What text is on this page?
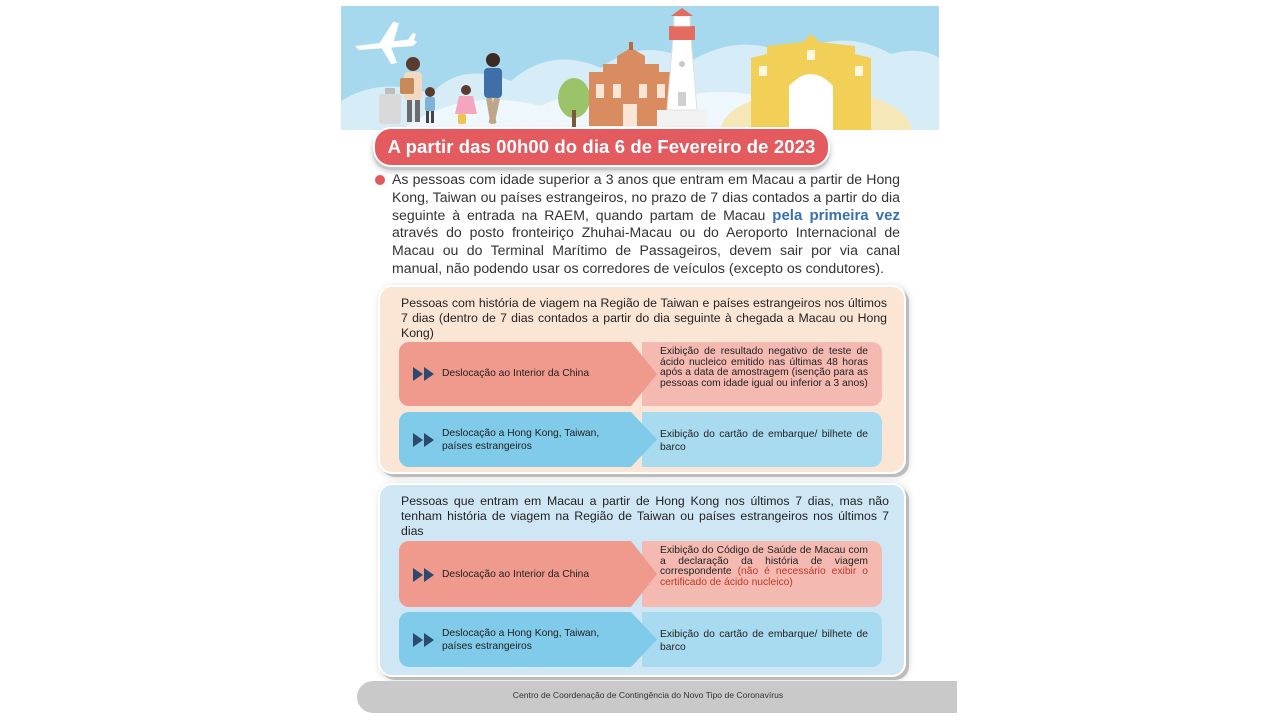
A partir das 00h00 do dia 6 de Fevereiro de 2023
As pessoas com idade superior a 3 anos que entram em Macau a partir de Hong Kong, Taiwan ou países estrangeiros, no prazo de 7 dias contados a partir do dia seguinte à entrada na RAEM, quando partam de Macau pela primeira vez através do posto fronteiriço Zhuhai-Macau ou do Aeroporto Internacional de Macau ou do Terminal Marítimo de Passageiros, devem sair por via canal manual, não podendo usar os corredores de veículos (excepto os condutores).
Pessoas com história de viagem na Região de Taiwan e países estrangeiros nos últimos 7 dias (dentro de 7 dias contados a partir do dia seguinte à chegada a Macau ou Hong Kong)
Deslocação ao Interior da China
Exibição de resultado negativo de teste de ácido nucleico emitido nas últimas 48 horas após a data de amostragem (isenção para as pessoas com idade igual ou inferior a 3 anos)
Deslocação a Hong Kong, Taiwan, países estrangeiros
Exibição do cartão de embarque/ bilhete de barco
Pessoas que entram em Macau a partir de Hong Kong nos últimos 7 dias, mas não tenham história de viagem na Região de Taiwan ou países estrangeiros nos últimos 7 dias
Deslocação ao Interior da China
Exibição do Código de Saúde de Macau com a declaração da história de viagem correspondente (não é necessário exibir o certificado de ácido nucleico)
Deslocação a Hong Kong, Taiwan, países estrangeiros
Exibição do cartão de embarque/ bilhete de barco
Centro de Coordenação de Contingência do Novo Tipo de Coronavírus
